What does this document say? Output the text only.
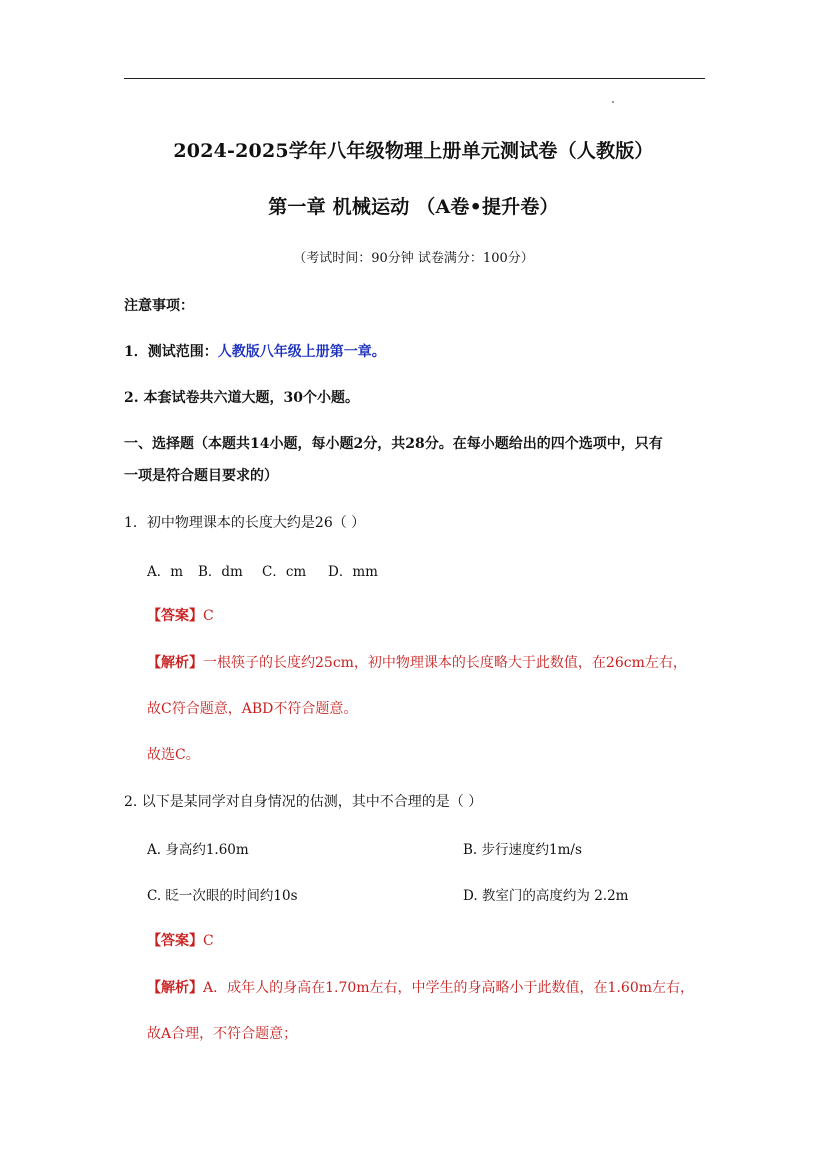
2024-2025学年八年级物理上册单元测试卷（人教版）
第一章 机械运动 （A卷•提升卷）
（考试时间：90分钟 试卷满分：100分）
注意事项：
1．测试范围：人教版八年级上册第一章。
2. 本套试卷共六道大题，30个小题。
一、选择题（本题共14小题，每小题2分，共28分。在每小题给出的四个选项中，只有
一项是符合题目要求的）
1．初中物理课本的长度大约是26（ ）
A．m B．dm C．cm D．mm
【答案】C
【解析】一根筷子的长度约25cm，初中物理课本的长度略大于此数值，在26cm左右，
故C符合题意，ABD不符合题意。
故选C。
2. 以下是某同学对自身情况的估测，其中不合理的是（ ）
A. 身高约1.60m	B. 步行速度约1m/s
C. 眨一次眼的时间约10s	D. 教室门的高度约为 2.2m
【答案】C
【解析】A．成年人的身高在1.70m左右，中学生的身高略小于此数值，在1.60m左右，
故A合理，不符合题意；
